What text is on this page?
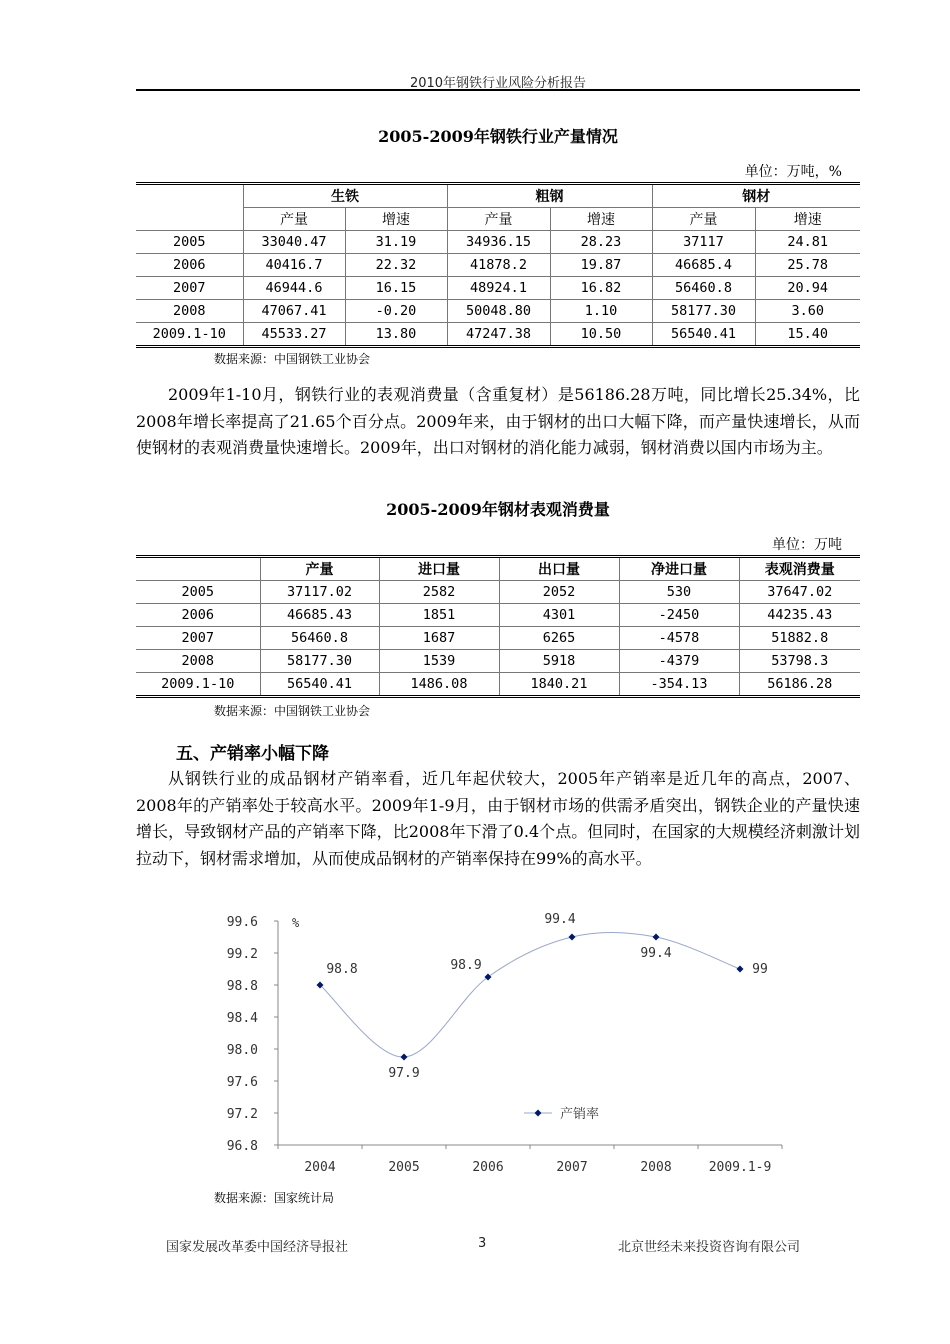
2010年钢铁行业风险分析报告
2005-2009年钢铁行业产量情况
单位：万吨，%
	生铁		粗钢		钢材	
	产量	增速	产量	增速	产量	增速
2005	33040.47	31.19	34936.15	28.23	37117	24.81
2006	40416.7	22.32	41878.2	19.87	46685.4	25.78
2007	46944.6	16.15	48924.1	16.82	56460.8	20.94
2008	47067.41	-0.20	50048.80	1.10	58177.30	3.60
2009.1-10	45533.27	13.80	47247.38	10.50	56540.41	15.40
数据来源：中国钢铁工业协会
2009年1-10月，钢铁行业的表观消费量（含重复材）是56186.28万吨，同比增长25.34%，比2008年增长率提高了21.65个百分点。2009年来，由于钢材的出口大幅下降，而产量快速增长，从而使钢材的表观消费量快速增长。2009年，出口对钢材的消化能力减弱，钢材消费以国内市场为主。
2005-2009年钢材表观消费量
单位：万吨
	产量	进口量	出口量	净进口量	表观消费量
2005	37117.02	2582	2052	530	37647.02
2006	46685.43	1851	4301	-2450	44235.43
2007	56460.8	1687	6265	-4578	51882.8
2008	58177.30	1539	5918	-4379	53798.3
2009.1-10	56540.41	1486.08	1840.21	-354.13	56186.28
数据来源：中国钢铁工业协会
五、产销率小幅下降
从钢铁行业的成品钢材产销率看，近几年起伏较大，2005年产销率是近几年的高点，2007、2008年的产销率处于较高水平。2009年1-9月，由于钢材市场的供需矛盾突出，钢铁企业的产量快速增长，导致钢材产品的产销率下降，比2008年下滑了0.4个点。但同时，在国家的大规模经济刺激计划拉动下，钢材需求增加，从而使成品钢材的产销率保持在99%的高水平。
99.6
99.2
98.8
98.4
98.0
97.6
97.2
96.8
2004	2005	2006	2007	2008	2009.1-9
%
98.8
97.9
98.9
99.4
99.4
99
产销率
数据来源：国家统计局
国家发展改革委中国经济导报社	3	北京世经未来投资咨询有限公司
